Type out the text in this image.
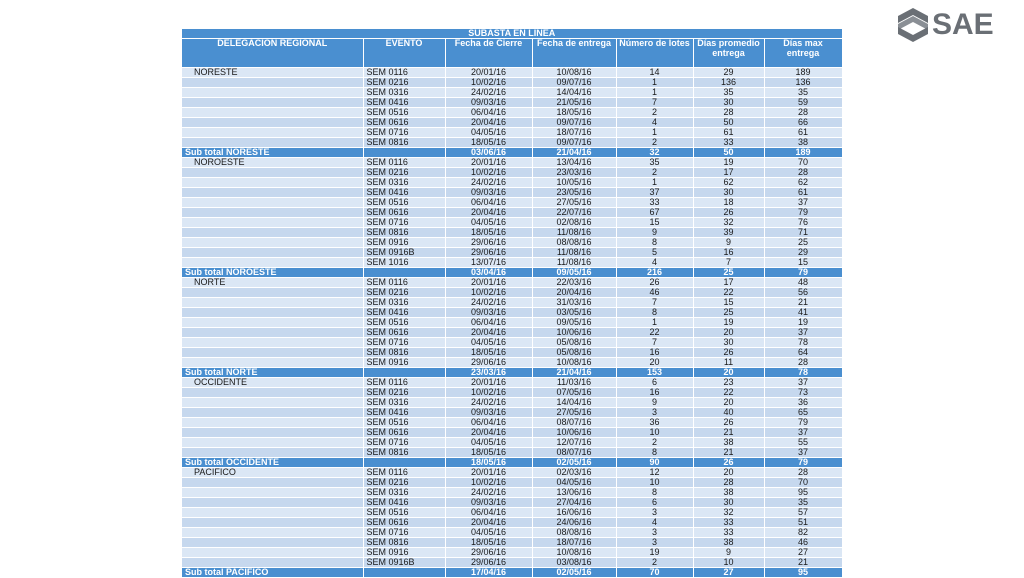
SAE
SUBASTA EN LÍNEA						
DELEGACIÓN REGIONAL	EVENTO	Fecha de Cierre	Fecha de entrega	Número de lotes	Días promedio entrega	Días max entrega
NORESTE	SEM 0116	20/01/16	10/08/16	14	29	189
	SEM 0216	10/02/16	09/07/16	1	136	136
	SEM 0316	24/02/16	14/04/16	1	35	35
	SEM 0416	09/03/16	21/05/16	7	30	59
	SEM 0516	06/04/16	18/05/16	2	28	28
	SEM 0616	20/04/16	09/07/16	4	50	66
	SEM 0716	04/05/16	18/07/16	1	61	61
	SEM 0816	18/05/16	09/07/16	2	33	38
Sub total NORESTE		03/06/16	21/04/16	32	50	189
NOROESTE	SEM 0116	20/01/16	13/04/16	35	19	70
	SEM 0216	10/02/16	23/03/16	2	17	28
	SEM 0316	24/02/16	10/05/16	1	62	62
	SEM 0416	09/03/16	23/05/16	37	30	61
	SEM 0516	06/04/16	27/05/16	33	18	37
	SEM 0616	20/04/16	22/07/16	67	26	79
	SEM 0716	04/05/16	02/08/16	15	32	76
	SEM 0816	18/05/16	11/08/16	9	39	71
	SEM 0916	29/06/16	08/08/16	8	9	25
	SEM 0916B	29/06/16	11/08/16	5	16	29
	SEM 1016	13/07/16	11/08/16	4	7	15
Sub total NOROESTE		03/04/16	09/05/16	216	25	79
NORTE	SEM 0116	20/01/16	22/03/16	26	17	48
	SEM 0216	10/02/16	20/04/16	46	22	56
	SEM 0316	24/02/16	31/03/16	7	15	21
	SEM 0416	09/03/16	03/05/16	8	25	41
	SEM 0516	06/04/16	09/05/16	1	19	19
	SEM 0616	20/04/16	10/06/16	22	20	37
	SEM 0716	04/05/16	05/08/16	7	30	78
	SEM 0816	18/05/16	05/08/16	16	26	64
	SEM 0916	29/06/16	10/08/16	20	11	28
Sub total NORTE		23/03/16	21/04/16	153	20	78
OCCIDENTE	SEM 0116	20/01/16	11/03/16	6	23	37
	SEM 0216	10/02/16	07/05/16	16	22	73
	SEM 0316	24/02/16	14/04/16	9	20	36
	SEM 0416	09/03/16	27/05/16	3	40	65
	SEM 0516	06/04/16	08/07/16	36	26	79
	SEM 0616	20/04/16	10/06/16	10	21	37
	SEM 0716	04/05/16	12/07/16	2	38	55
	SEM 0816	18/05/16	08/07/16	8	21	37
Sub total OCCIDENTE		18/05/16	02/05/16	90	26	79
PACÍFICO	SEM 0116	20/01/16	02/03/16	12	20	28
	SEM 0216	10/02/16	04/05/16	10	28	70
	SEM 0316	24/02/16	13/06/16	8	38	95
	SEM 0416	09/03/16	27/04/16	6	30	35
	SEM 0516	06/04/16	16/06/16	3	32	57
	SEM 0616	20/04/16	24/06/16	4	33	51
	SEM 0716	04/05/16	08/08/16	3	33	82
	SEM 0816	18/05/16	18/07/16	3	38	46
	SEM 0916	29/06/16	10/08/16	19	9	27
	SEM 0916B	29/06/16	03/08/16	2	10	21
Sub total PACÍFICO		17/04/16	02/05/16	70	27	95
